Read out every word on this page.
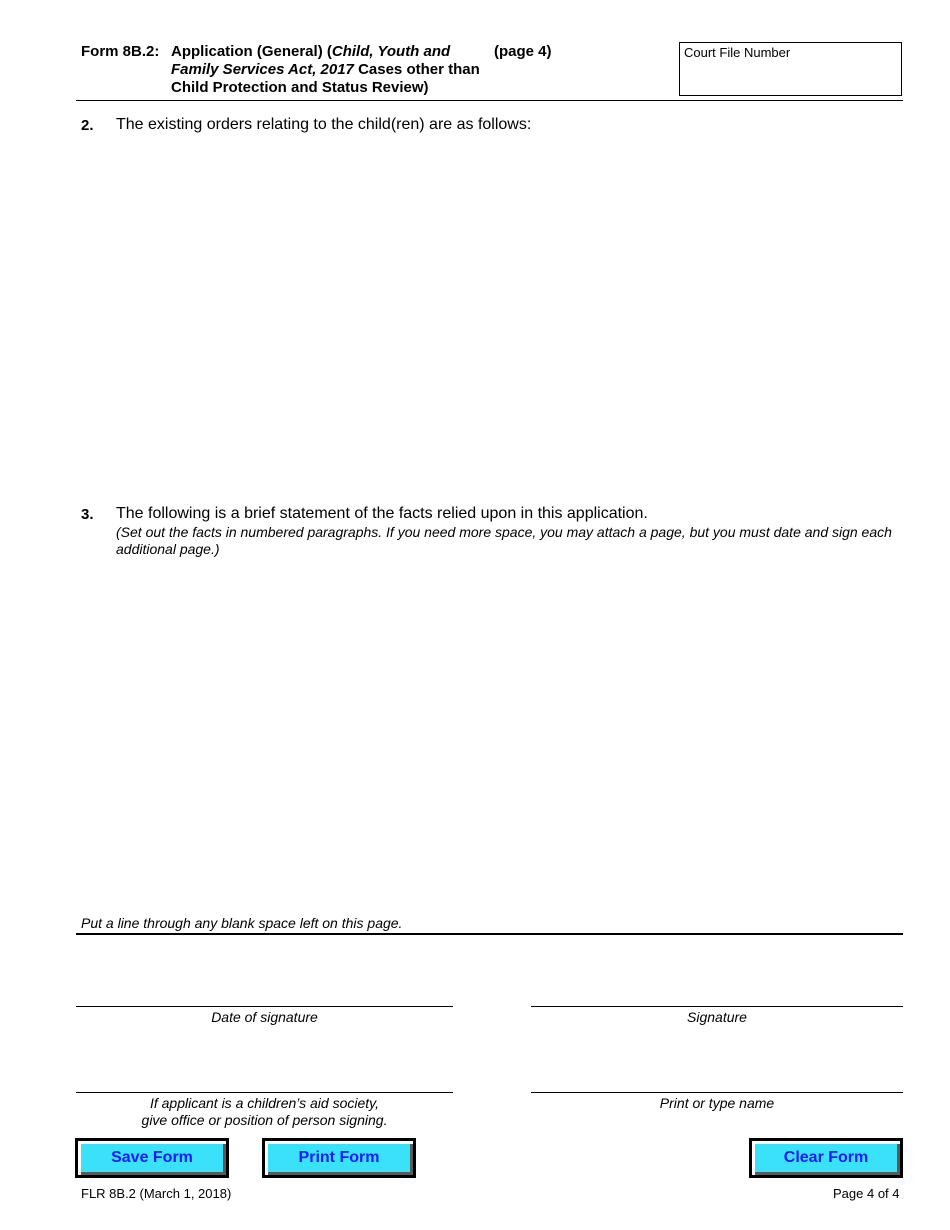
Form 8B.2: Application (General) (Child, Youth and Family Services Act, 2017 Cases other than Child Protection and Status Review)
(page 4)	Court File Number
2. The existing orders relating to the child(ren) are as follows:
3. The following is a brief statement of the facts relied upon in this application.
(Set out the facts in numbered paragraphs. If you need more space, you may attach a page, but you must date and sign each additional page.)
Put a line through any blank space left on this page.
Date of signature	Signature
If applicant is a children’s aid society,
give office or position of person signing.
Print or type name
Save Form	Print Form	Clear Form
FLR 8B.2 (March 1, 2018)	Page 4 of 4
